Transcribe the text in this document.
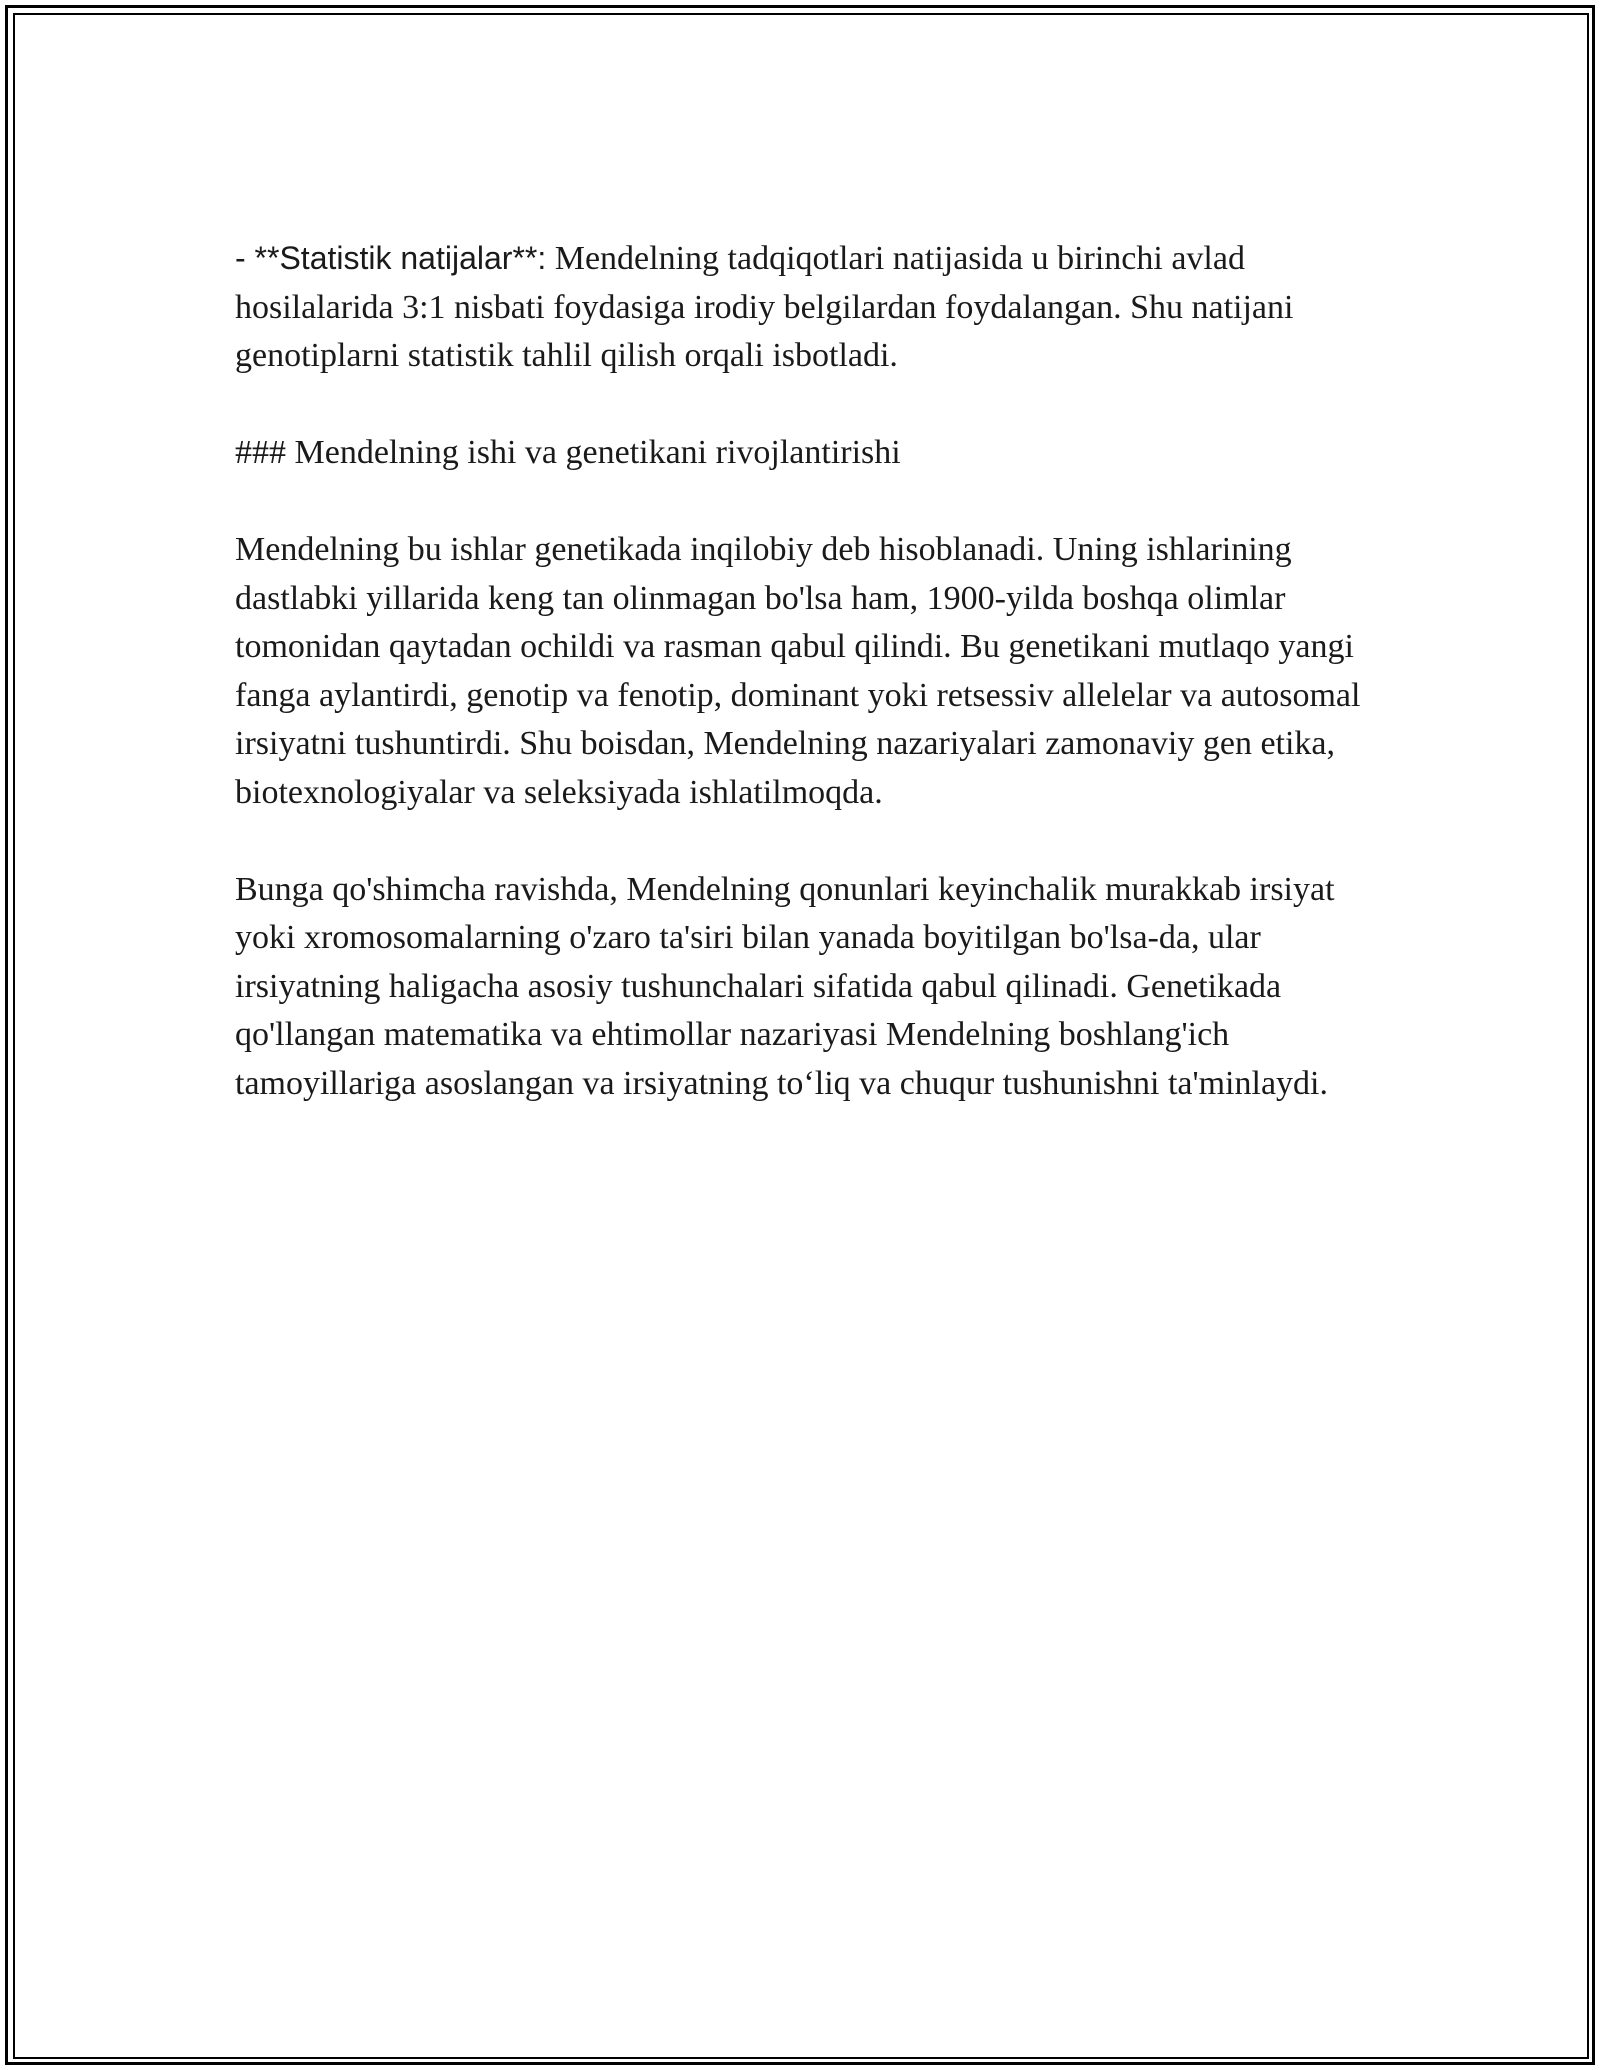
- **Statistik natijalar**: Mendelning tadqiqotlari natijasida u birinchi avlad hosilalarida 3:1 nisbati foydasiga irodiy belgilardan foydalangan. Shu natijani genotiplarni statistik tahlil qilish orqali isbotladi.

### Mendelning ishi va genetikani rivojlantirishi

Mendelning bu ishlar genetikada inqilobiy deb hisoblanadi. Uning ishlarining dastlabki yillarida keng tan olinmagan bo'lsa ham, 1900-yilda boshqa olimlar tomonidan qaytadan ochildi va rasman qabul qilindi. Bu genetikani mutlaqo yangi fanga aylantirdi, genotip va fenotip, dominant yoki retsessiv allelelar va autosomal irsiyatni tushuntirdi. Shu boisdan, Mendelning nazariyalari zamonaviy gen etika, biotexnologiyalar va seleksiyada ishlatilmoqda.

Bunga qo'shimcha ravishda, Mendelning qonunlari keyinchalik murakkab irsiyat yoki xromosomalarning o'zaro ta'siri bilan yanada boyitilgan bo'lsa-da, ular irsiyatning haligacha asosiy tushunchalari sifatida qabul qilinadi. Genetikada qo'llangan matematika va ehtimollar nazariyasi Mendelning boshlang'ich tamoyillariga asoslangan va irsiyatning to‘liq va chuqur tushunishni ta'minlaydi.
